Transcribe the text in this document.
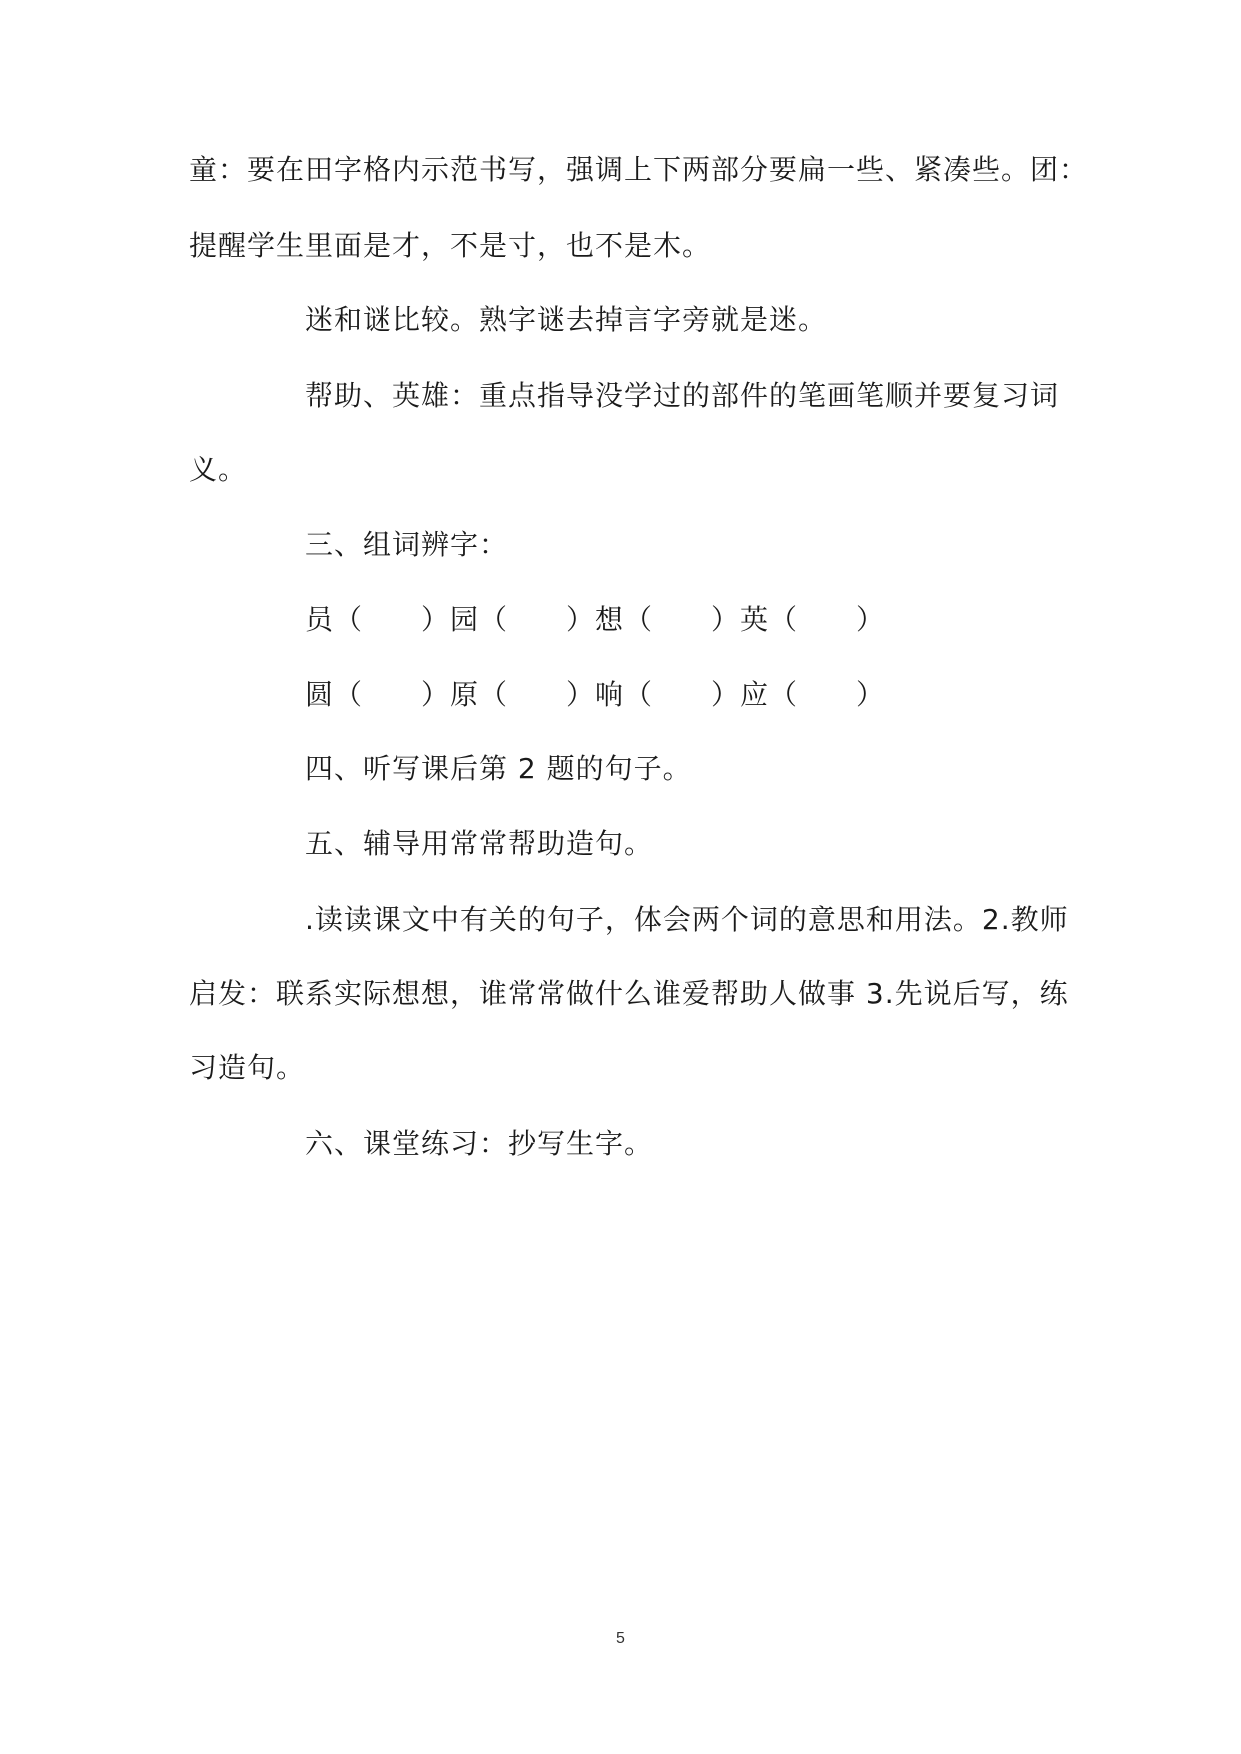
童：要在田字格内示范书写，强调上下两部分要扁一些、紧凑些。团：
提醒学生里面是才，不是寸，也不是木。
迷和谜比较。熟字谜去掉言字旁就是迷。
帮助、英雄：重点指导没学过的部件的笔画笔顺并要复习词
义。
三、组词辨字：
员（　　）园（　　）想（　　）英（　　）
圆（　　）原（　　）响（　　）应（　　）
四、听写课后第 2 题的句子。
五、辅导用常常帮助造句。
.读读课文中有关的句子，体会两个词的意思和用法。2.教师
启发：联系实际想想，谁常常做什么谁爱帮助人做事 3.先说后写，练
习造句。
六、课堂练习：抄写生字。
5
